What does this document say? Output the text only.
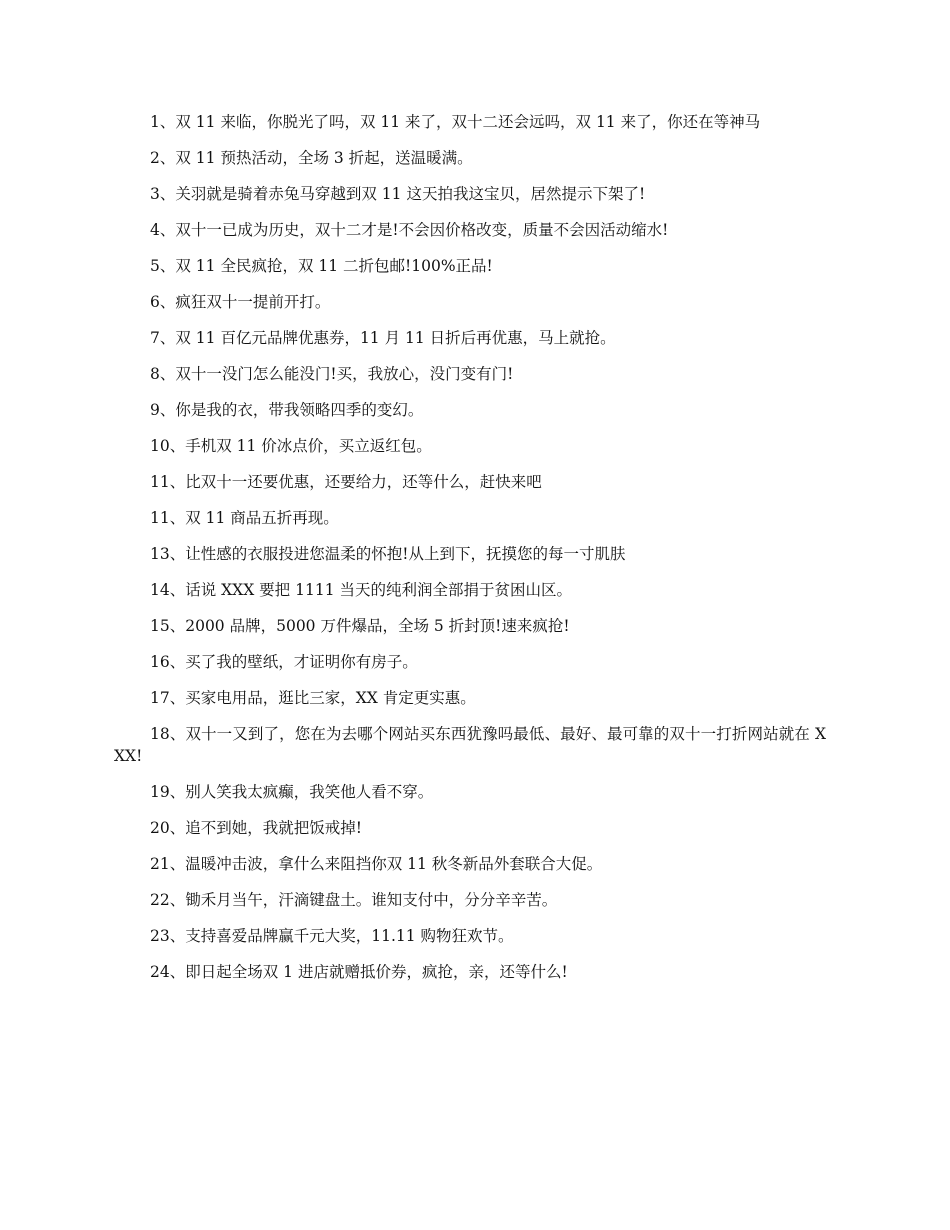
1、双 11 来临，你脱光了吗，双 11 来了，双十二还会远吗，双 11 来了，你还在等神马

2、双 11 预热活动，全场 3 折起，送温暖满。

3、关羽就是骑着赤兔马穿越到双 11 这天拍我这宝贝，居然提示下架了!

4、双十一已成为历史，双十二才是!不会因价格改变，质量不会因活动缩水!

5、双 11 全民疯抢，双 11 二折包邮!100%正品!

6、疯狂双十一提前开打。

7、双 11 百亿元品牌优惠券，11 月 11 日折后再优惠，马上就抢。

8、双十一没门怎么能没门!买，我放心，没门变有门!

9、你是我的衣，带我领略四季的变幻。

10、手机双 11 价冰点价，买立返红包。

11、比双十一还要优惠，还要给力，还等什么，赶快来吧

11、双 11 商品五折再现。

13、让性感的衣服投进您温柔的怀抱!从上到下，抚摸您的每一寸肌肤

14、话说 XXX 要把 1111 当天的纯利润全部捐于贫困山区。

15、2000 品牌，5000 万件爆品，全场 5 折封顶!速来疯抢!

16、买了我的壁纸，才证明你有房子。

17、买家电用品，逛比三家，XX 肯定更实惠。

18、双十一又到了，您在为去哪个网站买东西犹豫吗最低、最好、最可靠的双十一打折网站就在 XXX!

19、别人笑我太疯癫，我笑他人看不穿。

20、追不到她，我就把饭戒掉!

21、温暖冲击波，拿什么来阻挡你双 11 秋冬新品外套联合大促。

22、锄禾月当午，汗滴键盘土。谁知支付中，分分辛辛苦。

23、支持喜爱品牌赢千元大奖，11.11 购物狂欢节。

24、即日起全场双 1 进店就赠抵价券，疯抢，亲，还等什么!
